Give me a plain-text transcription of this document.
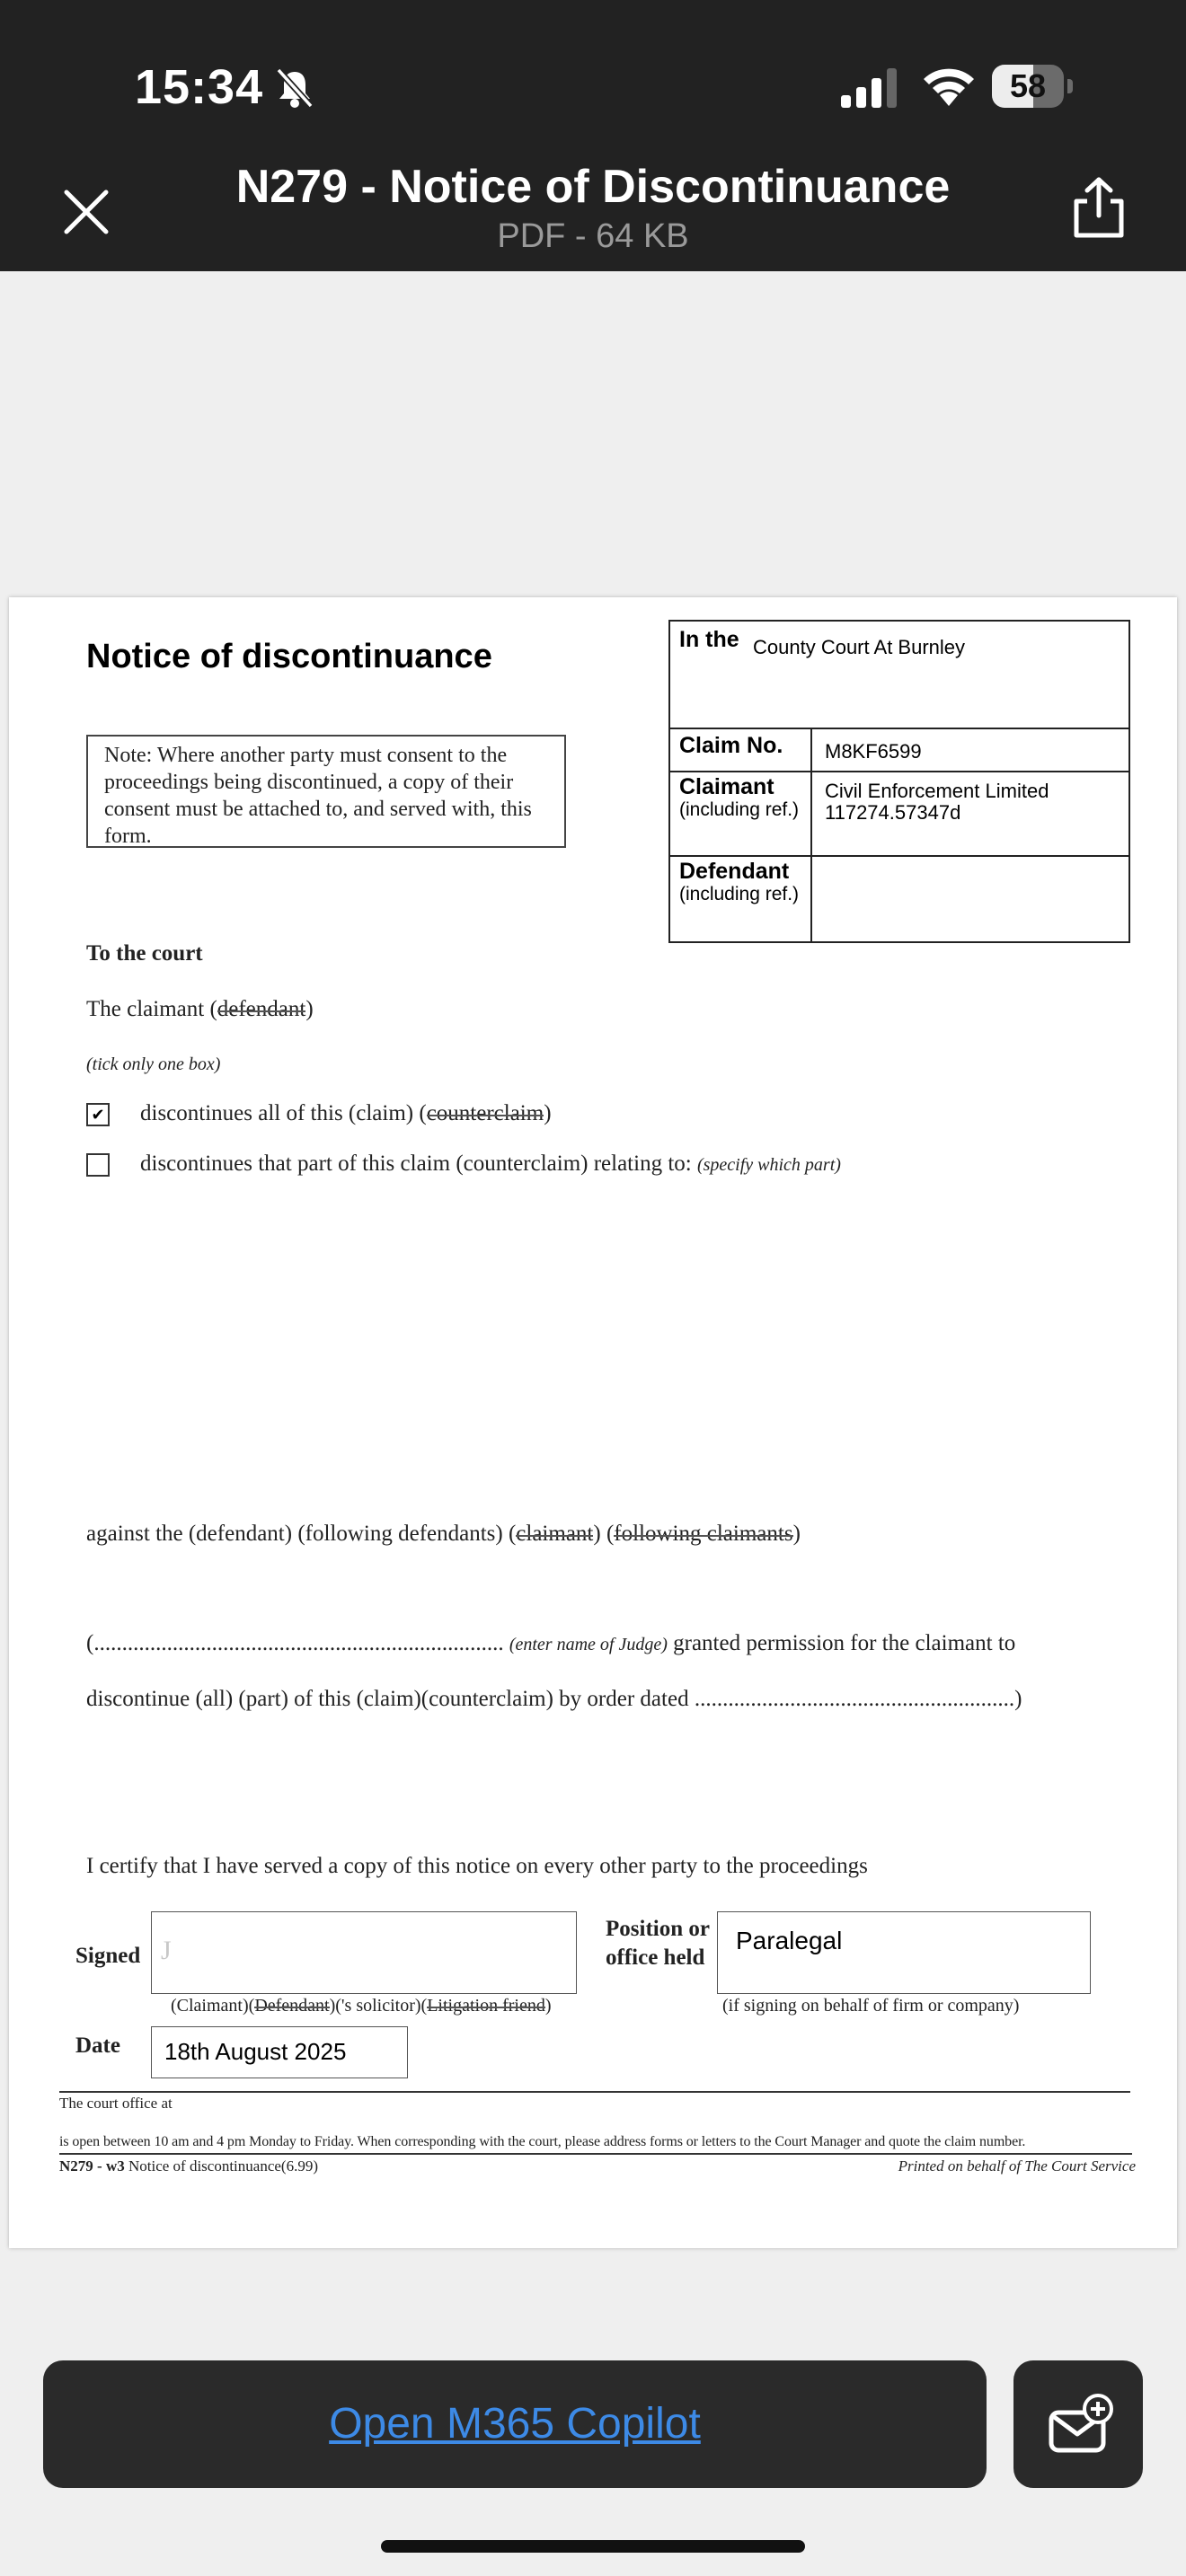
15:34	58
N279 - Notice of Discontinuance
PDF - 64 KB
Notice of discontinuance
Note: Where another party must consent to the proceedings being discontinued, a copy of their consent must be attached to, and served with, this form.
In the County Court At Burnley
Claim No. M8KF6599
Claimant
(including ref.)
Civil Enforcement Limited
117274.57347d
Defendant
(including ref.)
To the court
The claimant (defendant)
(tick only one box)
✔ discontinues all of this (claim) (counterclaim)
discontinues that part of this claim (counterclaim) relating to: (specify which part)
against the (defendant) (following defendants) (claimant) (following claimants)
(......................................................................... (enter name of Judge) granted permission for the claimant to
discontinue (all) (part) of this (claim)(counterclaim) by order dated .........................................................)
I certify that I have served a copy of this notice on every other party to the proceedings
Signed J
(Claimant)(Defendant)('s solicitor)(Litigation friend)
Position or
office held
Paralegal
(if signing on behalf of firm or company)
Date 18th August 2025
The court office at
is open between 10 am and 4 pm Monday to Friday. When corresponding with the court, please address forms or letters to the Court Manager and quote the claim number.
N279 - w3 Notice of discontinuance(6.99)	Printed on behalf of The Court Service
Open M365 Copilot
